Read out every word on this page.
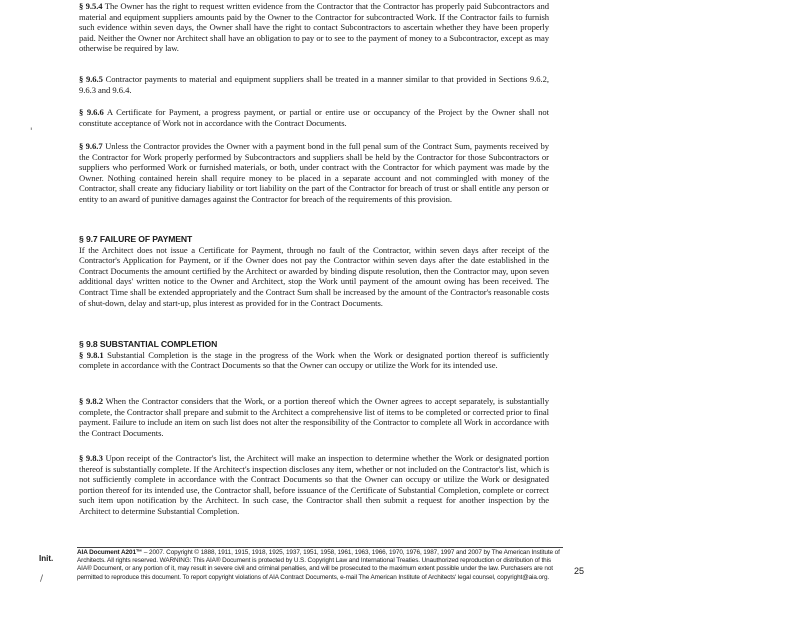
§ 9.5.4 The Owner has the right to request written evidence from the Contractor that the Contractor has properly paid Subcontractors and material and equipment suppliers amounts paid by the Owner to the Contractor for subcontracted Work. If the Contractor fails to furnish such evidence within seven days, the Owner shall have the right to contact Subcontractors to ascertain whether they have been properly paid. Neither the Owner nor Architect shall have an obligation to pay or to see to the payment of money to a Subcontractor, except as may otherwise be required by law.

§ 9.6.5 Contractor payments to material and equipment suppliers shall be treated in a manner similar to that provided in Sections 9.6.2, 9.6.3 and 9.6.4.

§ 9.6.6 A Certificate for Payment, a progress payment, or partial or entire use or occupancy of the Project by the Owner shall not constitute acceptance of Work not in accordance with the Contract Documents.

§ 9.6.7 Unless the Contractor provides the Owner with a payment bond in the full penal sum of the Contract Sum, payments received by the Contractor for Work properly performed by Subcontractors and suppliers shall be held by the Contractor for those Subcontractors or suppliers who performed Work or furnished materials, or both, under contract with the Contractor for which payment was made by the Owner. Nothing contained herein shall require money to be placed in a separate account and not commingled with money of the Contractor, shall create any fiduciary liability or tort liability on the part of the Contractor for breach of trust or shall entitle any person or entity to an award of punitive damages against the Contractor for breach of the requirements of this provision.

§ 9.7 FAILURE OF PAYMENT

If the Architect does not issue a Certificate for Payment, through no fault of the Contractor, within seven days after receipt of the Contractor's Application for Payment, or if the Owner does not pay the Contractor within seven days after the date established in the Contract Documents the amount certified by the Architect or awarded by binding dispute resolution, then the Contractor may, upon seven additional days' written notice to the Owner and Architect, stop the Work until payment of the amount owing has been received. The Contract Time shall be extended appropriately and the Contract Sum shall be increased by the amount of the Contractor's reasonable costs of shut-down, delay and start-up, plus interest as provided for in the Contract Documents.

§ 9.8 SUBSTANTIAL COMPLETION

§ 9.8.1 Substantial Completion is the stage in the progress of the Work when the Work or designated portion thereof is sufficiently complete in accordance with the Contract Documents so that the Owner can occupy or utilize the Work for its intended use.

§ 9.8.2 When the Contractor considers that the Work, or a portion thereof which the Owner agrees to accept separately, is substantially complete, the Contractor shall prepare and submit to the Architect a comprehensive list of items to be completed or corrected prior to final payment. Failure to include an item on such list does not alter the responsibility of the Contractor to complete all Work in accordance with the Contract Documents.

§ 9.8.3 Upon receipt of the Contractor's list, the Architect will make an inspection to determine whether the Work or designated portion thereof is substantially complete. If the Architect's inspection discloses any item, whether or not included on the Contractor's list, which is not sufficiently complete in accordance with the Contract Documents so that the Owner can occupy or utilize the Work or designated portion thereof for its intended use, the Contractor shall, before issuance of the Certificate of Substantial Completion, complete or correct such item upon notification by the Architect. In such case, the Contractor shall then submit a request for another inspection by the Architect to determine Substantial Completion.

AIA Document A201™ – 2007. Copyright © 1888, 1911, 1915, 1918, 1925, 1937, 1951, 1958, 1961, 1963, 1966, 1970, 1976, 1987, 1997 and 2007 by The American Institute of Architects. All rights reserved. WARNING: This AIA® Document is protected by U.S. Copyright Law and International Treaties. Unauthorized reproduction or distribution of this AIA® Document, or any portion of it, may result in severe civil and criminal penalties, and will be prosecuted to the maximum extent possible under the law. Purchasers are not permitted to reproduce this document. To report copyright violations of AIA Contract Documents, e-mail The American Institute of Architects' legal counsel, copyright@aia.org.
Init.
25
'
/
